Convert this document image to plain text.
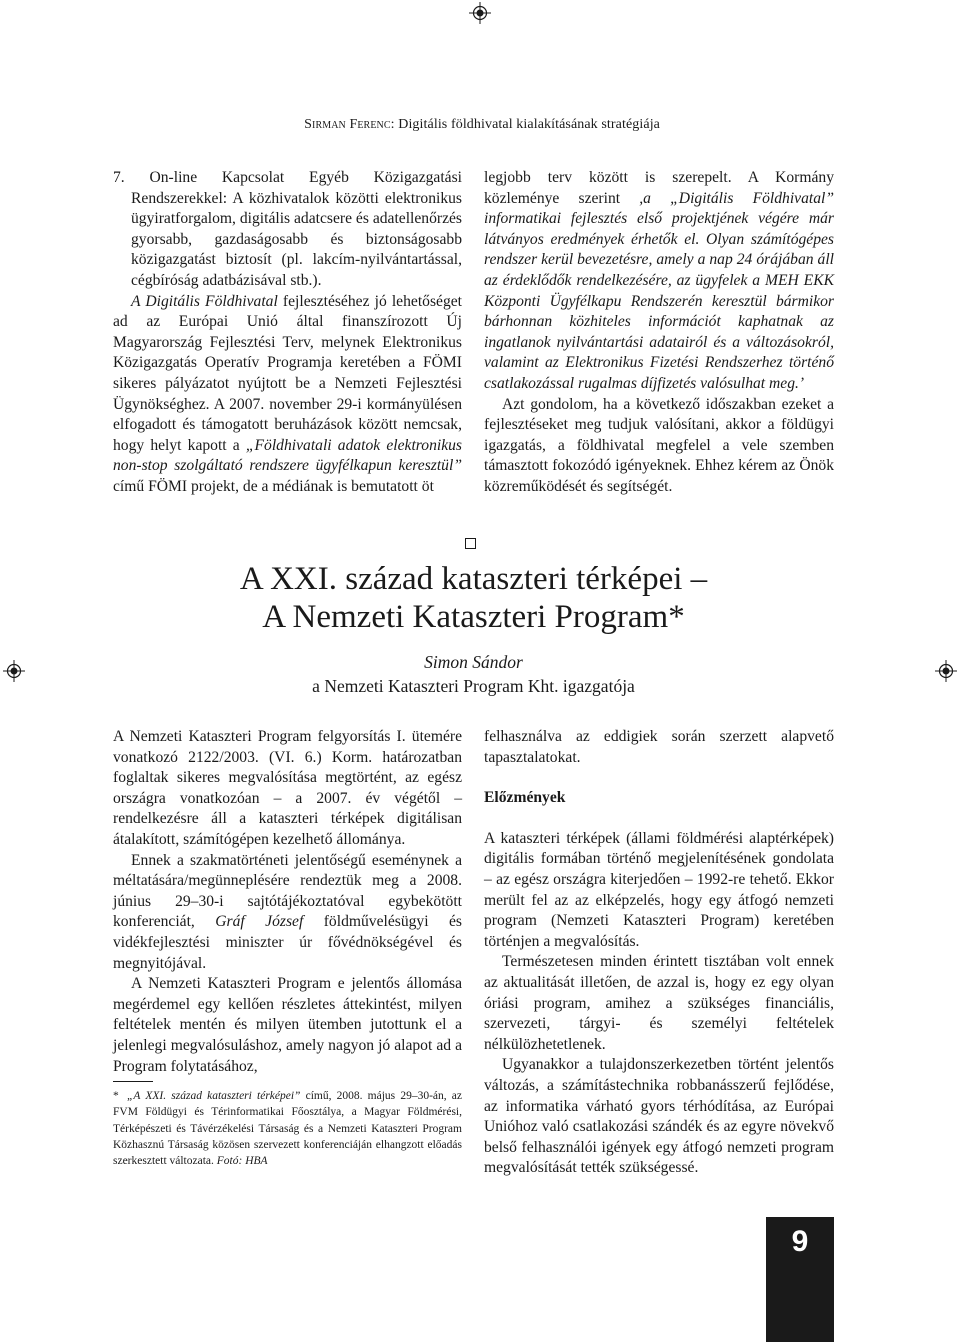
Sirman Ferenc: Digitális földhivatal kialakításának stratégiája

7. On-line Kapcsolat Egyéb Közigazgatási Rendszerekkel: A közhivatalok közötti elektronikus ügyiratforgalom, digitális adatcsere és adatellenőrzés gyorsabb, gazdaságosabb és biztonságosabb közigazgatást biztosít (pl. lakcím-nyilvántartással, cégbíróság adatbázisával stb.).

A Digitális Földhivatal fejlesztéséhez jó lehetőséget ad az Európai Unió által finanszírozott Új Magyarország Fejlesztési Terv, melynek Elektronikus Közigazgatás Operatív Programja keretében a FÖMI sikeres pályázatot nyújtott be a Nemzeti Fejlesztési Ügynökséghez. A 2007. november 29-i kormányülésen elfogadott és támogatott beruházások között nemcsak, hogy helyt kapott a „Földhivatali adatok elektronikus non-stop szolgáltató rendszere ügyfélkapun keresztül” című FÖMI projekt, de a médiának is bemutatott öt

legjobb terv között is szerepelt. A Kormány közleménye szerint ,a „Digitális Földhivatal” informatikai fejlesztés első projektjének végére már látványos eredmények érhetők el. Olyan számítógépes rendszer kerül bevezetésre, amely a nap 24 órájában áll az érdeklődők rendelkezésére, az ügyfelek a MEH EKK Központi Ügyfélkapu Rendszerén keresztül bármikor bárhonnan közhiteles információt kaphatnak az ingatlanok nyilvántartási adatairól és a változásokról, valamint az Elektronikus Fizetési Rendszerhez történő csatlakozással rugalmas díjfizetés valósulhat meg.’

Azt gondolom, ha a következő időszakban ezeket a fejlesztéseket meg tudjuk valósítani, akkor a földügyi igazgatás, a földhivatal megfelel a vele szemben támasztott fokozódó igényeknek. Ehhez kérem az Önök közreműködését és segítségét.

A XXI. század kataszteri térképei –
A Nemzeti Kataszteri Program*
Simon Sándor
a Nemzeti Kataszteri Program Kht. igazgatója

A Nemzeti Kataszteri Program felgyorsítás I. ütemére vonatkozó 2122/2003. (VI. 6.) Korm. határozatban foglaltak sikeres megvalósítása megtörtént, az egész országra vonatkozóan – a 2007. év végétől – rendelkezésre áll a kataszteri térképek digitálisan átalakított, számítógépen kezelhető állománya.

Ennek a szakmatörténeti jelentőségű eseménynek a méltatására/megünneplésére rendeztük meg a 2008. június 29–30-i sajtótájékoztatóval egybekötött konferenciát, Gráf József földművelésügyi és vidékfejlesztési miniszter úr fővédnökségével és megnyitójával.

A Nemzeti Kataszteri Program e jelentős állomása megérdemel egy kellően részletes áttekintést, milyen feltételek mentén és milyen ütemben jutottunk el a jelenlegi megvalósuláshoz, amely nagyon jó alapot ad a Program folytatásához,

* „A XXI. század kataszteri térképei” című, 2008. május 29–30-án, az FVM Földügyi és Térinformatikai Főosztálya, a Magyar Földmérési, Térképészeti és Távérzékelési Társaság és a Nemzeti Kataszteri Program Közhasznú Társaság közösen szervezett konferenciáján elhangzott előadás szerkesztett változata. Fotó: HBA

felhasználva az eddigiek során szerzett alapvető tapasztalatokat.

Előzmények

A kataszteri térképek (állami földmérési alaptérképek) digitális formában történő megjelenítésének gondolata – az egész országra kiterjedően – 1992-re tehető. Ekkor merült fel az az elképzelés, hogy egy átfogó nemzeti program (Nemzeti Kataszteri Program) keretében történjen a megvalósítás.

Természetesen minden érintett tisztában volt ennek az aktualitását illetően, de azzal is, hogy ez egy olyan óriási program, amihez a szükséges financiális, szervezeti, tárgyi- és személyi feltételek nélkülözhetetlenek.

Ugyanakkor a tulajdonszerkezetben történt jelentős változás, a számítástechnika robbanásszerű fejlődése, az informatika várható gyors térhódítása, az Európai Unióhoz való csatlakozási szándék és az egyre növekvő belső felhasználói igények egy átfogó nemzeti program megvalósítását tették szükségessé.

9
